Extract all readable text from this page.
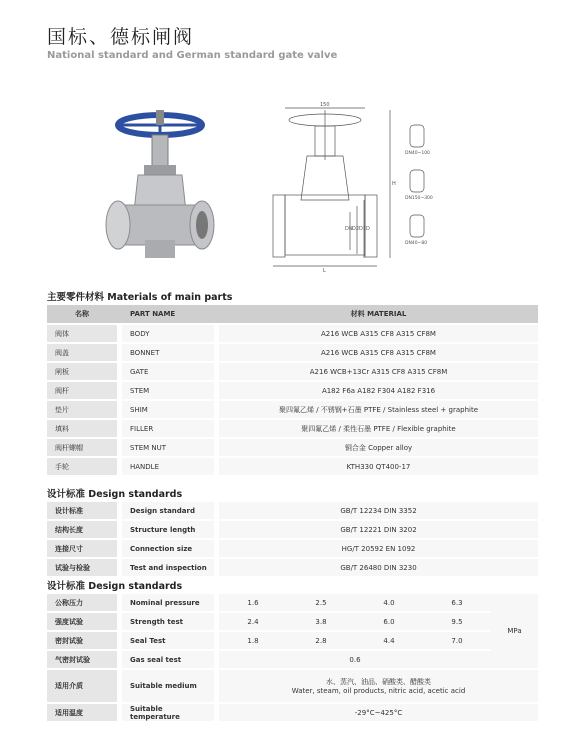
国标、德标闸阀
National standard and German standard gate valve
150
H
DN D2 D1 D
L
DN40~100
DN150~300
DN40~80
主要零件材料 Materials of main parts
名称		PART NAME		材料 MATERIAL
阀体		BODY		A216 WCB A315 CF8 A315 CF8M
阀盖		BONNET		A216 WCB A315 CF8 A315 CF8M
闸板		GATE		A216 WCB+13Cr A315 CF8 A315 CF8M
阀杆		STEM		A182 F6a A182 F304 A182 F316
垫片		SHIM		聚四氟乙烯 / 不锈钢+石墨 PTFE / Stainless steel + graphite
填料		FILLER		聚四氟乙烯 / 柔性石墨 PTFE / Flexible graphite
阀杆螺帽		STEM NUT		铜合金 Copper alloy
手轮		HANDLE		KTH330 QT400-17
设计标准 Design standards
设计标准		Design standard		GB/T 12234 DIN 3352
结构长度		Structure length		GB/T 12221 DIN 3202
连接尺寸		Connection size		HG/T 20592 EN 1092
试验与检验		Test and inspection		GB/T 26480 DIN 3230
设计标准 Design standards
公称压力		Nominal pressure		1.6	2.5	4.0	6.3	MPa
强度试验		Strength test		2.4	3.8	6.0	9.5	
密封试验		Seal Test		1.8	2.8	4.4	7.0	
气密封试验		Gas seal test		0.6				
适用介质		Suitable medium		水、蒸汽、油品、硝酸类、醋酸类
Water, steam, oil products, nitric acid, acetic acid				

适用温度		Suitable temperature		-29°C~425°C				
